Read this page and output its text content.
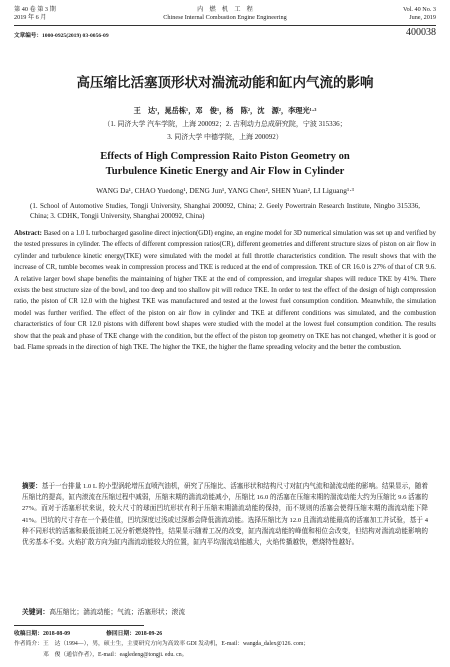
第 40 卷 第 3 期
2019 年 6 月
内　燃　机　工　程
Chinese Internal Combustion Engine Engineering
Vol. 40 No. 3
June, 2019
文章编号：1000-0925(2019) 03-0056-09	400038
高压缩比活塞顶形状对湍流动能和缸内气流的影响
王　达¹，晁岳栋¹，邓　俊¹，杨　陈²，沈　源²，李理光¹·³
（1. 同济大学 汽车学院，上海 200092；2. 吉利动力总成研究院，宁波 315336；
3. 同济大学 中德学院，上海 200092）
Effects of High Compression Raito Piston Geometry on
Turbulence Kinetic Energy and Air Flow in Cylinder
WANG Da¹, CHAO Yuedong¹, DENG Jun¹, YANG Chen², SHEN Yuan², LI Liguang¹·³
(1. School of Automotive Studies, Tongji University, Shanghai 200092, China; 2. Geely Powertrain Research Institute, Ningbo 315336, China; 3. CDHK, Tongji University, Shanghai 200092, China)
Abstract: Based on a 1.0 L turbocharged gasoline direct injection(GDI) engine, an engine model for 3D numerical simulation was set up and verified by the tested pressures in cylinder. The effects of different compression ratios(CR), different geometries and different structure sizes of piston on air flow in cylinder and turbulence kinetic energy(TKE) were simulated with the model at full throttle characteristics condition. The result shows that with the increase of CR, tumble becomes weak in compression process and TKE is reduced at the end of compression. TKE of CR 16.0 is 27% of that of CR 9.6. A relative larger bowl shape benefits the maintaining of higher TKE at the end of compression, and irregular shapes will reduce TKE by 41%. There exists the best structure size of the bowl, and too deep and too shallow pit will reduce TKE. In order to test the effect of the design of high compression ratio, the piston of CR 12.0 with the highest TKE was manufactured and tested at the lowest fuel consumption condition. Meanwhile, the simulation model was further verified. The effect of the piston on air flow in cylinder and TKE at different conditions was simulated, and the combustion characteristics of four CR 12.0 pistons with different bowl shapes were studied with the model at the lowest fuel consumption condition. The results show that the peak and phase of TKE change with the condition, but the effect of the piston top geometry on TKE has not changed, whether it is good or bad. Flame spreads in the direction of high TKE. The higher the TKE, the higher the flame spreading velocity and the better the combustion.
摘要：基于一台排量 1.0 L 的小型涡轮增压直喷汽油机，研究了压缩比、活塞形状和结构尺寸对缸内气流和湍流动能的影响。结果显示，随着压缩比的提高，缸内滚流在压缩过程中减弱，压缩末期的湍流动能减小，压缩比 16.0 的活塞在压缩末期的湍流动能大约为压缩比 9.6 活塞的 27%。而对于活塞形状来说，较大尺寸的球面凹坑形状有利于压缩末期湍流动能的保持，而不规则的活塞会使得压缩末期的湍流动能下降 41%。凹坑的尺寸存在一个最佳值，凹坑深度过浅或过深都会降低湍流动能。选择压缩比为 12.0 且湍流动能最高的活塞加工并试验，基于 4 种不同形状的活塞和最低油耗工况分析燃烧特性，结果显示随着工况的改变，缸内湍流动能的峰值和相位会改变，但结构对湍流动能影响的优劣基本不变。火焰扩散方向为缸内湍流动能较大的位置，缸内平均湍流动能越大，火焰传播越快，燃烧特性越好。
关键词：高压缩比；湍流动能；气流；活塞形状；滚流
收稿日期：2018-08-09	修回日期：2018-09-26
作者简介：王　达（1994—），男，硕士生，主要研究方向为高效率 GDI 发动机，E-mail：wangda_dalex@126. com；
　　　　　邓　俊（通信作者），E-mail：eagledeng@tongji. edu. cn。
